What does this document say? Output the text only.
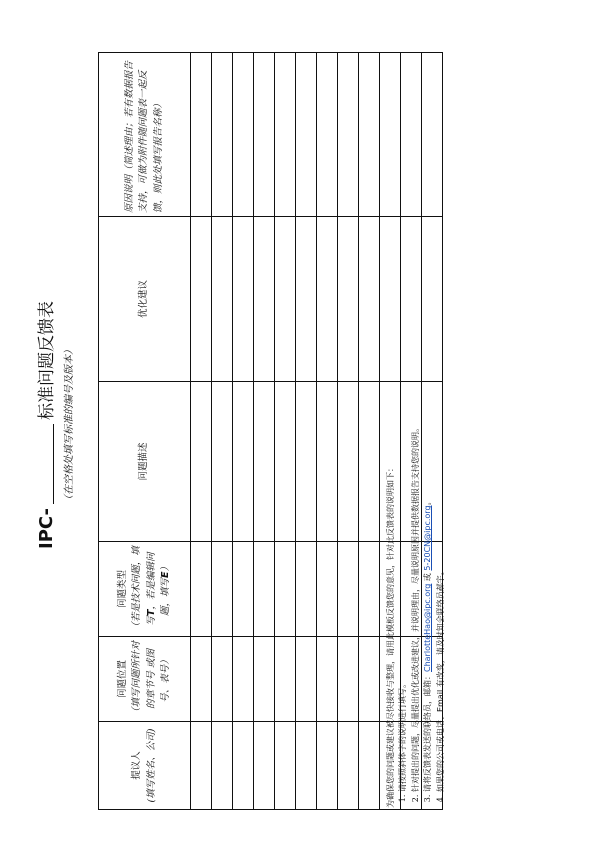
IPC-标准问题反馈表 （在空格处填写标准的编号及版本）
提议人 (填写姓名、公司)	问题位置 （填写问题所针对的章节号 或图号、表号）	问题类型 （若是技术问题，填写T，若是编辑问题，填写E）	问题描述	优化建议	原因说明（简述理由；若有数据报告支持，可做为附件随问题表一起反馈，则此处填写报告名称）

为确保您的问题或建议被尽快接收与整理，请用此模板反馈您的意见，针对此反馈表的说明如下： 1. 请按照斜体字的说明进行填写。 2. 针对提出的问题，尽量提出优化或改进建议，并说明理由，尽量说明原因并提供数据报告支持您的说明。 3. 请将反馈表发送的联络员，邮箱：CharlotteHao@ipc.org 或 5-20CN@ipc.org。
4. 如果您的公司或电话、Email 有改变，请及时知会联络员郝宇。
